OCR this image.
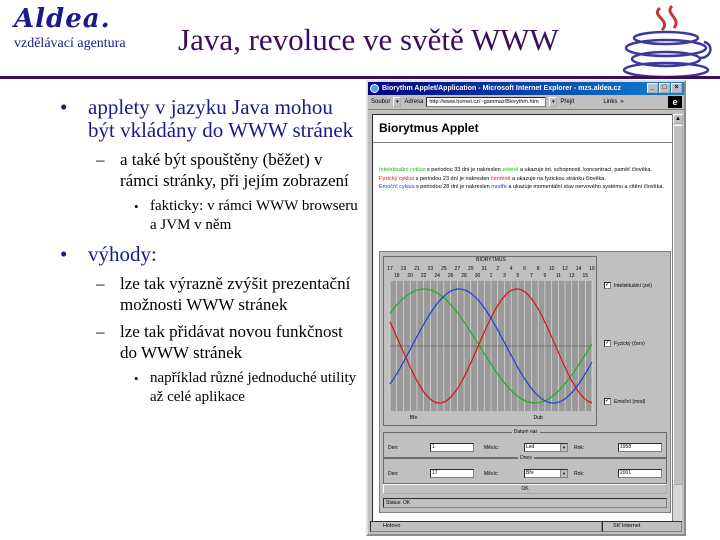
Aldea.
vzdělávací agentura	Java, revoluce ve světě WWW
• applety v jazyku Java mohou být vkládány do WWW stránek
– a také být spouštěny (běžet) v rámci stránky, při jejím zobrazení
• fakticky: v rámci WWW browseru a JVM v něm
• výhody:
– lze tak výrazně zvýšit prezentační možnosti WWW stránek
– lze tak přidávat novou funkčnost do WWW stránek
• například různé jednoduché utility až celé aplikace
Biorythm Applet/Application - Microsoft Internet Explorer - mzs.aldea.cz	_	□	×
Soubor	▾ Adresa	http://www.hornet.cz/~gammaz/Biorythm.htm	▾ Přejít	Links »	e
Biorytmus Applet

Intelektuální cyklus s periodou 33 dní je nakreslen zeleně a ukazuje int. schopnosti, koncentraci, paměť člověka.

Fyzický cyklus s periodou 23 dní je nakreslen červeně a ukazuje na fyzickou stránku člověka.

Emoční cyklus s periodou 28 dní je nakreslen modře a ukazuje momentální stav nervového systému a citění člověka.

BIORYTMUS
17 19 21 23 25 27 29 31 2 4 6 8 10 12 14 16
18 20 22 24 26 28 30 1 3 5 7 9 11 13 15
Bře	Dub
✓ Intelektuální (zel)
✓ Fyzický (červ)
✓ Emoční (mod)
Datum nar.
Den:	1	Měsíc:	Led	▼ Rok:	1958
Dnes
Den:	17	Měsíc:	Bře	▼ Rok:	2001
OK
Status: OK
▲
Hotovo	Síť Internet
